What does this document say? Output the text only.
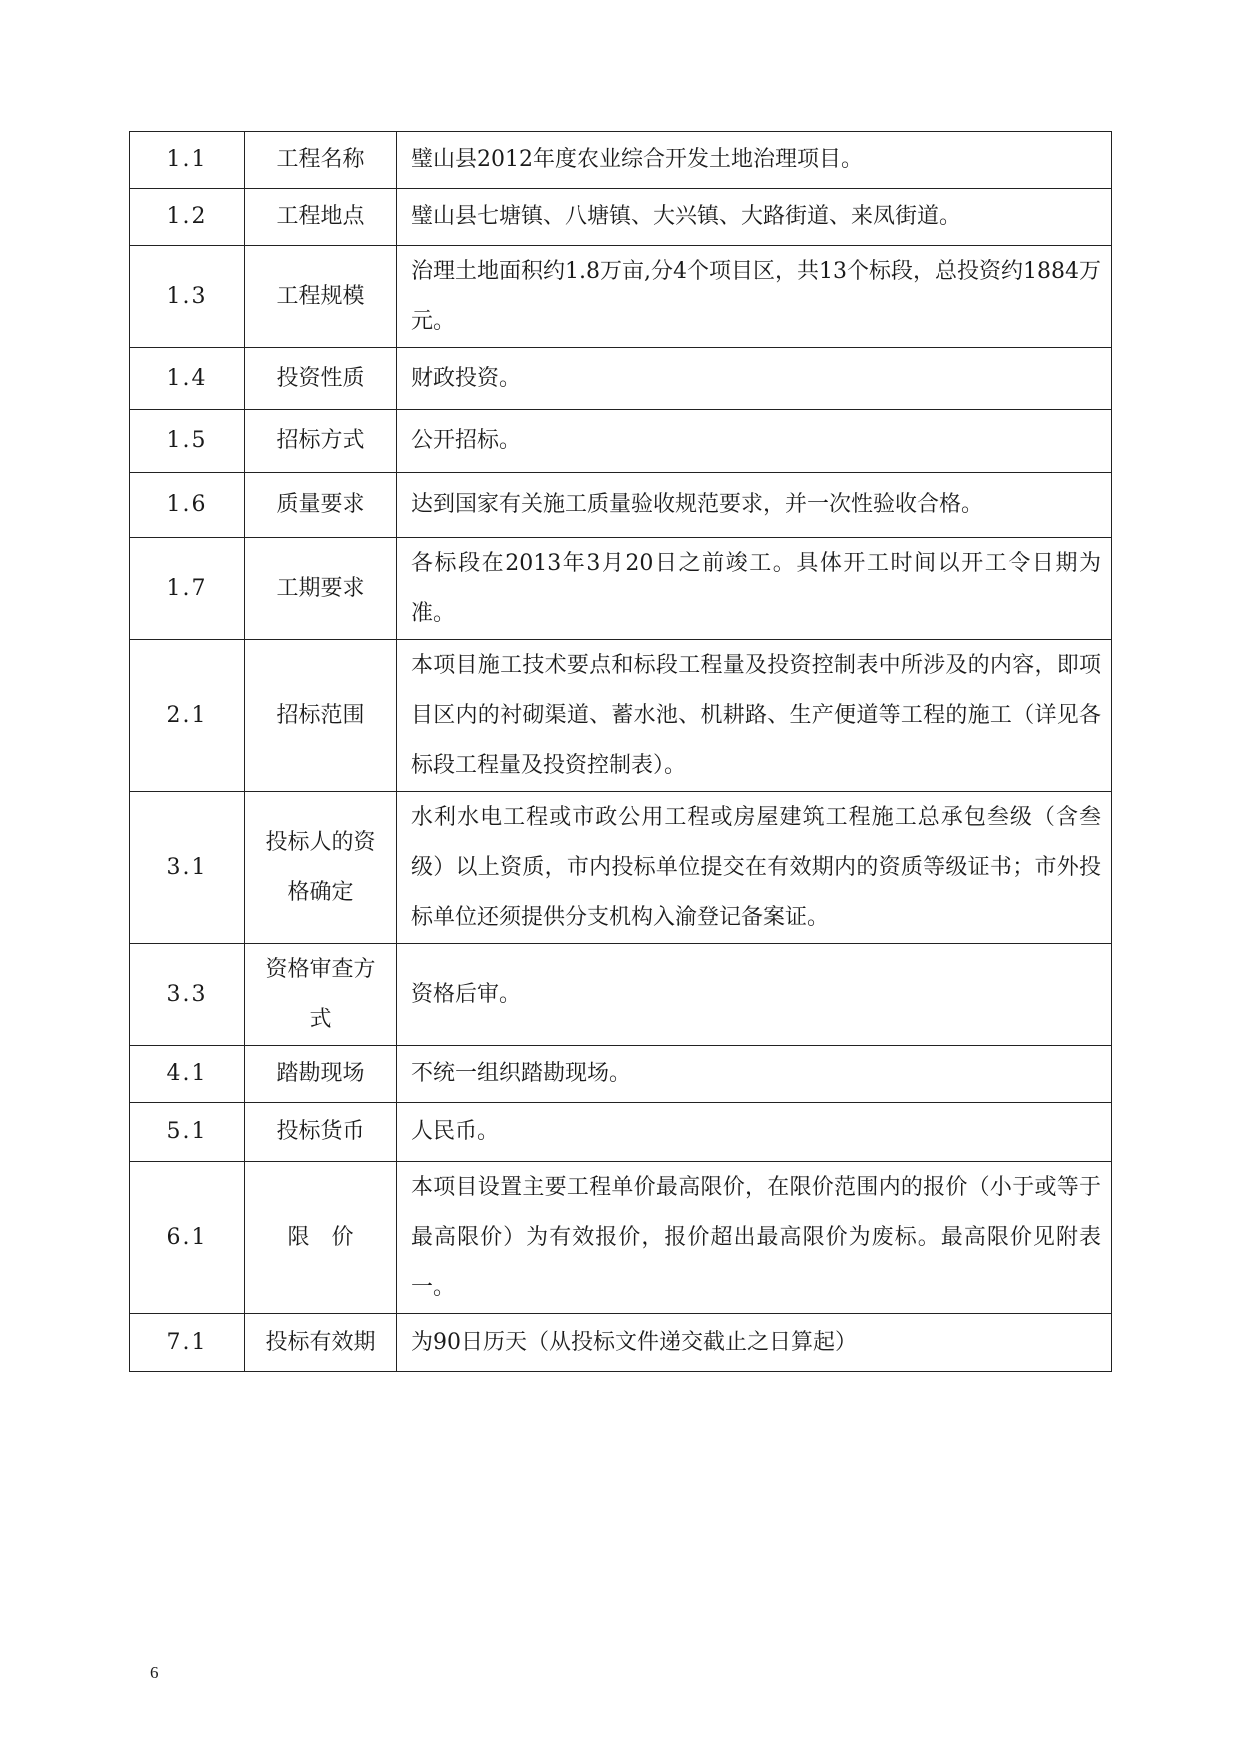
1.1	工程名称	璧山县2012年度农业综合开发土地治理项目。
1.2	工程地点	璧山县七塘镇、八塘镇、大兴镇、大路街道、来凤街道。
1.3	工程规模	治理土地面积约1.8万亩,分4个项目区，共13个标段，总投资约1884万元。
1.4	投资性质	财政投资。
1.5	招标方式	公开招标。
1.6	质量要求	达到国家有关施工质量验收规范要求，并一次性验收合格。
1.7	工期要求	各标段在2013年3月20日之前竣工。具体开工时间以开工令日期为准。
2.1	招标范围	本项目施工技术要点和标段工程量及投资控制表中所涉及的内容，即项目区内的衬砌渠道、蓄水池、机耕路、生产便道等工程的施工（详见各标段工程量及投资控制表）。
3.1	投标人的资格确定	水利水电工程或市政公用工程或房屋建筑工程施工总承包叁级（含叁级）以上资质，市内投标单位提交在有效期内的资质等级证书；市外投标单位还须提供分支机构入渝登记备案证。
3.3	资格审查方式	资格后审。
4.1	踏勘现场	不统一组织踏勘现场。
5.1	投标货币	人民币。
6.1	限　价	本项目设置主要工程单价最高限价，在限价范围内的报价（小于或等于最高限价）为有效报价，报价超出最高限价为废标。最高限价见附表一。
7.1	投标有效期	为90日历天（从投标文件递交截止之日算起）
6
